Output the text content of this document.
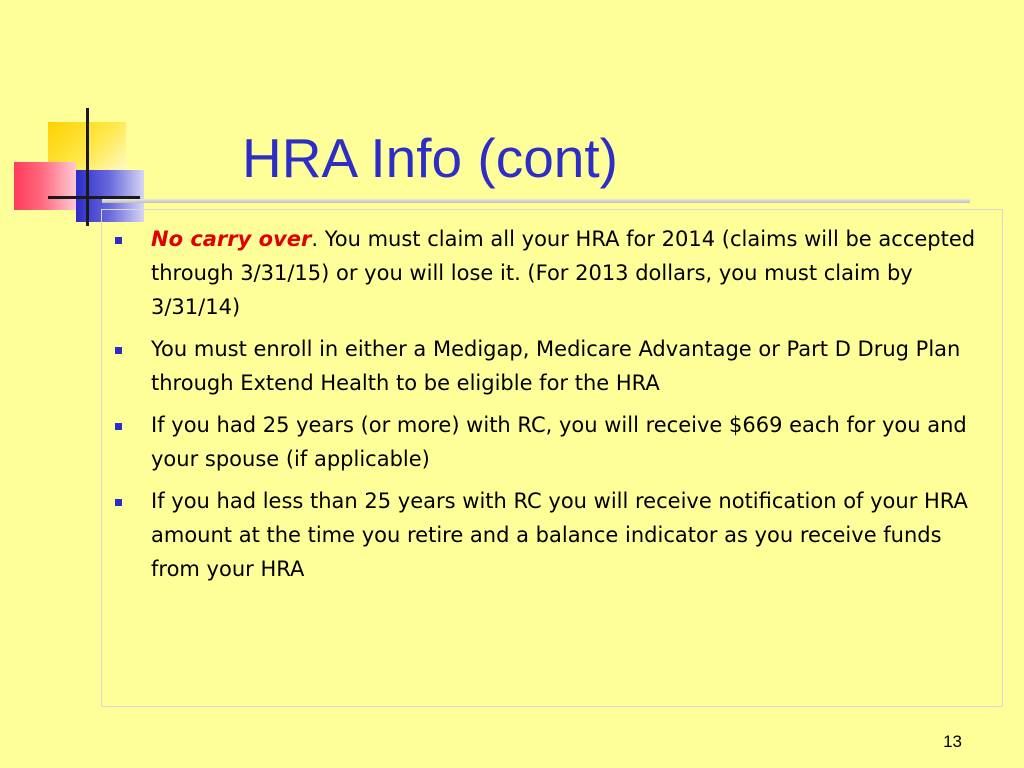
HRA Info (cont)
No carry over. You must claim all your HRA for 2014 (claims will be accepted through 3/31/15) or you will lose it. (For 2013 dollars, you must claim by 3/31/14)
You must enroll in either a Medigap, Medicare Advantage or Part D Drug Plan through Extend Health to be eligible for the HRA
If you had 25 years (or more) with RC, you will receive $669 each for you and your spouse (if applicable)
If you had less than 25 years with RC you will receive notification of your HRA amount at the time you retire and a balance indicator as you receive funds from your HRA
13
